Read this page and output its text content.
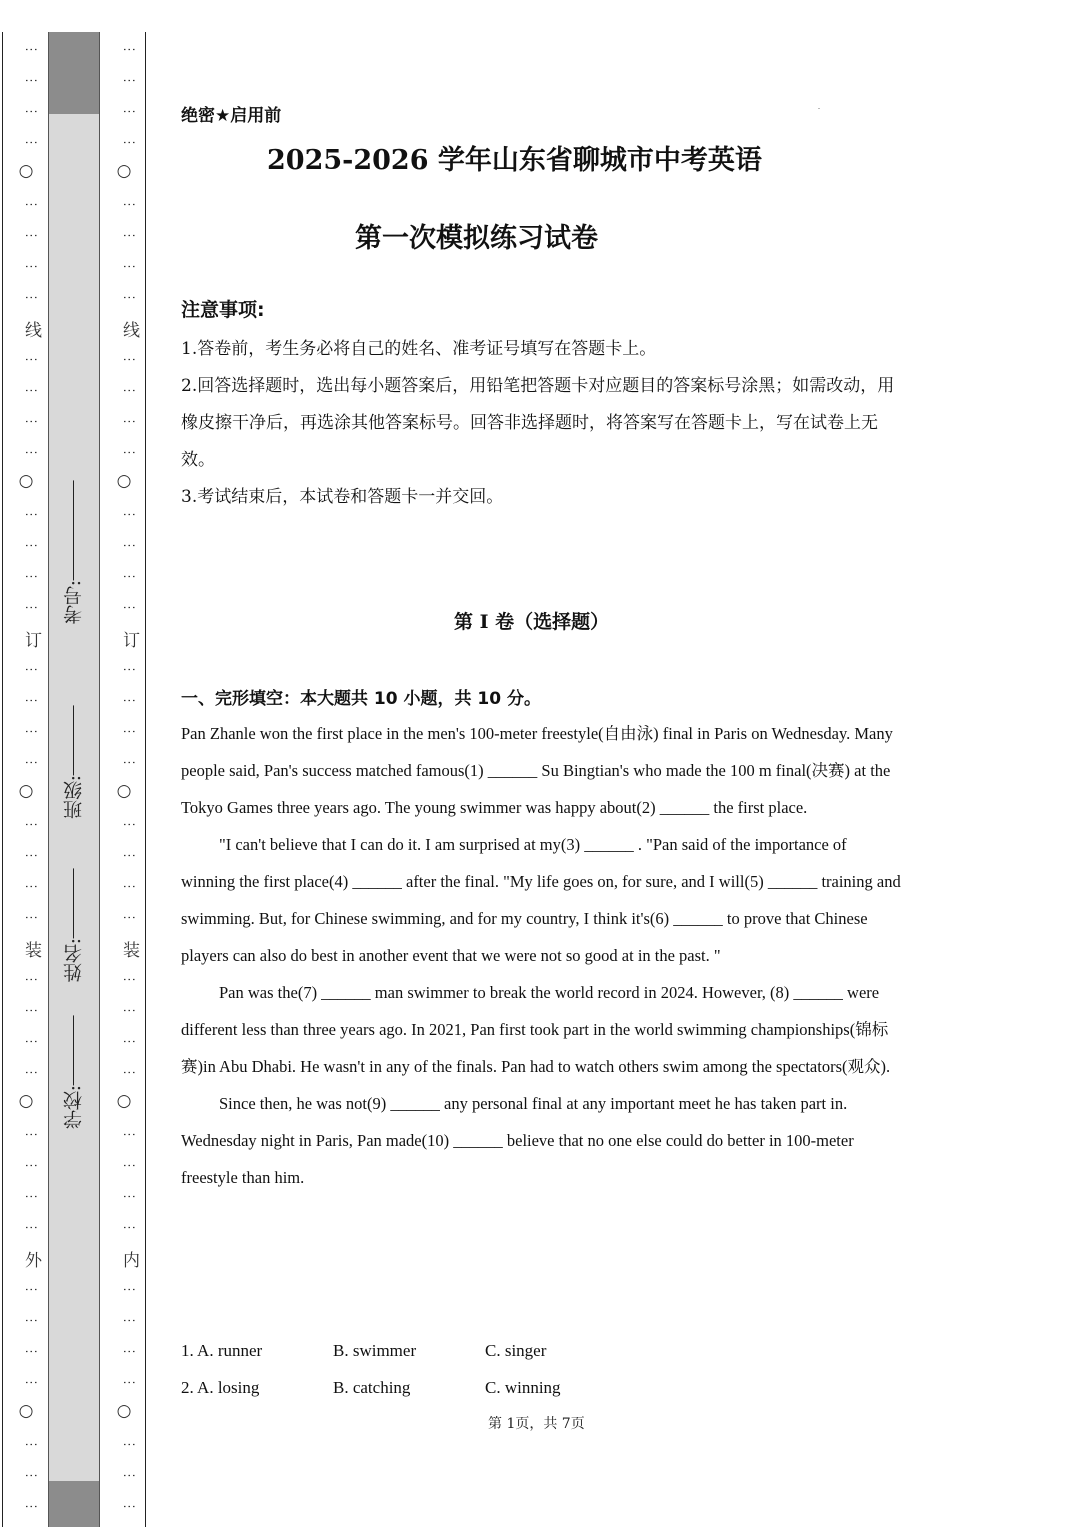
⋮
⋮
⋮
⋮
○
⋮
⋮
⋮
⋮
线
⋮
⋮
⋮
⋮
○
⋮
⋮
⋮
⋮
订
⋮
⋮
⋮
⋮
○
⋮
⋮
⋮
⋮
装
⋮
⋮
⋮
⋮
○
⋮
⋮
⋮
⋮
外
⋮
⋮
⋮
⋮
○
⋮
⋮
⋮
学校:
姓名:
班级:
考号:
⋮
⋮
⋮
⋮
○
⋮
⋮
⋮
⋮
线
⋮
⋮
⋮
⋮
○
⋮
⋮
⋮
⋮
订
⋮
⋮
⋮
⋮
○
⋮
⋮
⋮
⋮
装
⋮
⋮
⋮
⋮
○
⋮
⋮
⋮
⋮
内
⋮
⋮
⋮
⋮
○
⋮
⋮
⋮
绝密★启用前
2025-2026 学年山东省聊城市中考英语
第一次模拟练习试卷
注意事项:

1.答卷前，考生务必将自己的姓名、准考证号填写在答题卡上。

2.回答选择题时，选出每小题答案后，用铅笔把答题卡对应题目的答案标号涂黑；如需改动，用橡皮擦干净后，再选涂其他答案标号。回答非选择题时，将答案写在答题卡上，写在试卷上无效。

3.考试结束后，本试卷和答题卡一并交回。

第 I 卷（选择题）
一、完形填空：本大题共 10 小题，共 10 分。

Pan Zhanle won the first place in the men's 100-meter freestyle(自由泳) final in Paris on Wednesday. Many people said, Pan's success matched famous(1) ______ Su Bingtian's who made the 100 m final(决赛) at the Tokyo Games three years ago. The young swimmer was happy about(2) ______ the first place.

"I can't believe that I can do it. I am surprised at my(3) ______ . "Pan said of the importance of winning the first place(4) ______ after the final. "My life goes on, for sure, and I will(5) ______ training and swimming. But, for Chinese swimming, and for my country, I think it's(6) ______ to prove that Chinese players can also do best in another event that we were not so good at in the past. "

Pan was the(7) ______ man swimmer to break the world record in 2024. However, (8) ______ were different less than three years ago. In 2021, Pan first took part in the world swimming championships(锦标赛)in Abu Dhabi. He wasn't in any of the finals. Pan had to watch others swim among the spectators(观众).

Since then, he was not(9) ______ any personal final at any important meet he has taken part in.

Wednesday night in Paris, Pan made(10) ______ believe that no one else could do better in 100-meter freestyle than him.

1. A. runner	B. swimmer	C. singer
2. A. losing	B. catching	C. winning
第 1页，共 7页
